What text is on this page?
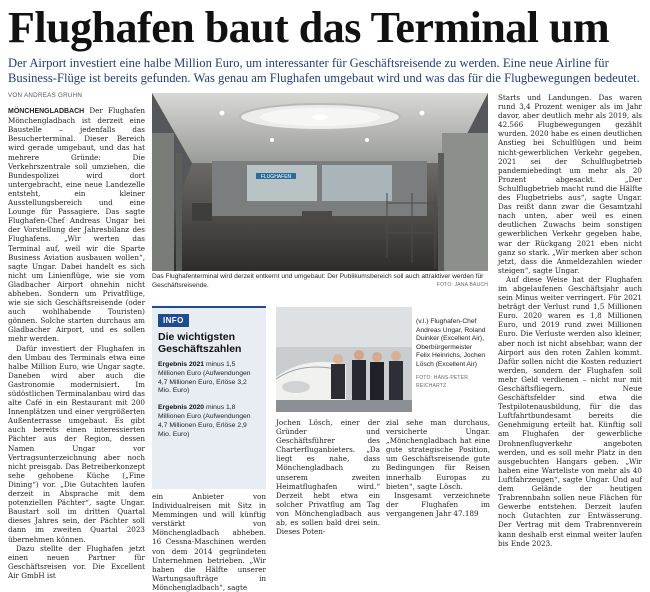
Flughafen baut das Terminal um
Der Airport investiert eine halbe Million Euro, um interessanter für Geschäftsreisende zu werden. Eine neue Airline für Business-Flüge ist bereits gefunden. Was genau am Flughafen umgebaut wird und was das für die Flugbewegungen bedeutet.
VON ANDREAS GRUHN

MÖNCHENGLADBACH Der Flughafen Mönchengladbach ist derzeit eine Baustelle – jedenfalls das Besucherterminal. Dieser Bereich wird gerade umgebaut, und das hat mehrere Gründe: Die Verkehrszentrale soll umziehen, die Bundespolizei wird dort untergebracht, eine neue Landezelle entsteht, ein kleiner Ausstellungsbereich und eine Lounge für Passagiere. Das sagte Flughafen-Chef Andreas Ungar bei der Vorstellung der Jahresbilanz des Flughafens. „Wir werten das Terminal auf, weil wir die Sparte Business Aviation ausbauen wollen“, sagte Ungar. Dabei handelt es sich nicht um Linienflüge, wie sie vom Gladbacher Airport ohnehin nicht abheben. Sondern um Privatflüge, wie sie sich Geschäftsreisende (oder auch wohlhabende Touristen) gönnen. Solche starten durchaus am Gladbacher Airport, und es sollen mehr werden.

Dafür investiert der Flughafen in den Umbau des Terminals etwa eine halbe Million Euro, wie Ungar sagte. Daneben wird aber auch die Gastronomie modernisiert. Im südöstlichen Terminalanbau wird das alte Café in ein Restaurant mit 200 Innenplätzen und einer vergrößerten Außenterrasse umgebaut. Es gibt auch bereits einen interessierten Pächter aus der Region, dessen Namen Ungar vor Vertragsunterzeichnung aber noch nicht preisgab. Das Betreiberkonzept sehe gehobene Küche („Fine Dining“) vor. „Die Gutachten laufen derzeit in Absprache mit dem potenziellen Pächter“, sagte Ungar. Baustart soll im dritten Quartal dieses Jahres sein, der Pächter soll dann im zweiten Quartal 2023 übernehmen können.

Dazu stellte der Flughafen jetzt einen neuen Partner für Geschäftsreisen vor. Die Excellent Air GmbH ist

FLUGHAFEN
Das Flughafenterminal wird derzeit entkernt und umgebaut: Der Publikumsbereich soll auch attraktiver werden für Geschäftsreisende.	FOTO: JANA BAUCH
INFO
Die wichtigsten Geschäftszahlen
Ergebnis 2021 minus 1,5 Millionen Euro (Aufwendungen 4,7 Millionen Euro, Erlöse 3,2 Mio. Euro)
Ergebnis 2020 minus 1,8 Millionen Euro (Aufwendungen 4,7 Millionen Euro, Erlöse 2,9 Mio. Euro)
(v.l.) Flughafen-Chef Andreas Ungar, Roland Duinker (Excellent Air), Oberbürgermeister Felix Heinrichs, Jochen Lösch (Excellent Air)
FOTO: HANS-PETER REICHARTZ

ein Anbieter von Individualreisen mit Sitz in Memmingen und will künftig verstärkt von Mönchengladbach abheben. 16 Cessna-Maschinen werden von dem 2014 gegründeten Unternehmen betrieben. „Wir haben die Hälfte unserer Wartungsaufträge in Mönchengladbach“, sagte

Jochen Lösch, einer der Gründer und Geschäftsführer des Charterfluganbieters. „Da liegt es nahe, dass Mönchengladbach zu unserem zweiten Heimatflughafen wird.“ Derzeit hebt etwa ein solcher Privatflug am Tag von Mönchengladbach aus ab, es sollen bald drei sein. Dieses Poten-

zial sehe man durchaus, versicherte Ungar. „Mönchengladbach hat eine gute strategische Position, um Geschäftsreisende gute Bedingungen für Reisen innerhalb Europas zu bieten“, sagte Lösch.

Insgesamt verzeichnete der Flughafen im vergangenen Jahr 47.189

Starts und Landungen. Das waren rund 3,4 Prozent weniger als im Jahr davor, aber deutlich mehr als 2019, als 42.566 Flugbewegungen gezählt wurden. 2020 habe es einen deutlichen Anstieg bei Schulflügen und beim nicht-gewerblichen Verkehr gegeben, 2021 sei der Schulflugbetrieb pandemiebedingt um mehr als 20 Prozent abgesackt. „Der Schulflugbetrieb macht rund die Hälfte des Flugbetriebs aus“, sagte Ungar. Das reißt dann zwar die Gesamtzahl nach unten, aber weil es einen deutlichen Zuwachs beim sonstigen gewerblichen Verkehr gegeben habe, war der Rückgang 2021 eben nicht ganz so stark. „Wir merken aber schon jetzt, dass die Anmeldezahlen wieder steigen“, sagte Ungar.

Auf diese Weise hat der Flughafen im abgelaufenen Geschäftsjahr auch sein Minus weiter verringert. Für 2021 beträgt der Verlust rund 1,5 Millionen Euro. 2020 waren es 1,8 Millionen Euro, und 2019 rund zwei Millionen Euro. Die Verluste werden also kleiner, aber noch ist nicht absehbar, wann der Airport aus den roten Zahlen kommt. Dafür sollen nicht die Kosten reduziert werden, sondern der Flughafen soll mehr Geld verdienen – nicht nur mit Geschäftsfliegern. Neue Geschäftsfelder sind etwa die Testpilotenausbildung, für die das Luftfahrtbundesamt bereits die Genehmigung erteilt hat. Künftig soll am Flughafen der gewerbliche Drohnenflugverkehr angeboten werden, und es soll mehr Platz in den ausgebuchten Hangars geben. „Wir haben eine Warteliste von mehr als 40 Luftfahrzeugen“, sagte Ungar. Und auf dem Gelände der heutigen Trabrennbahn sollen neue Flächen für Gewerbe entstehen. Derzeit laufen noch Gutachten zur Entwässerung. Der Vertrag mit dem Trabrennverein kann deshalb erst einmal weiter laufen bis Ende 2023.
